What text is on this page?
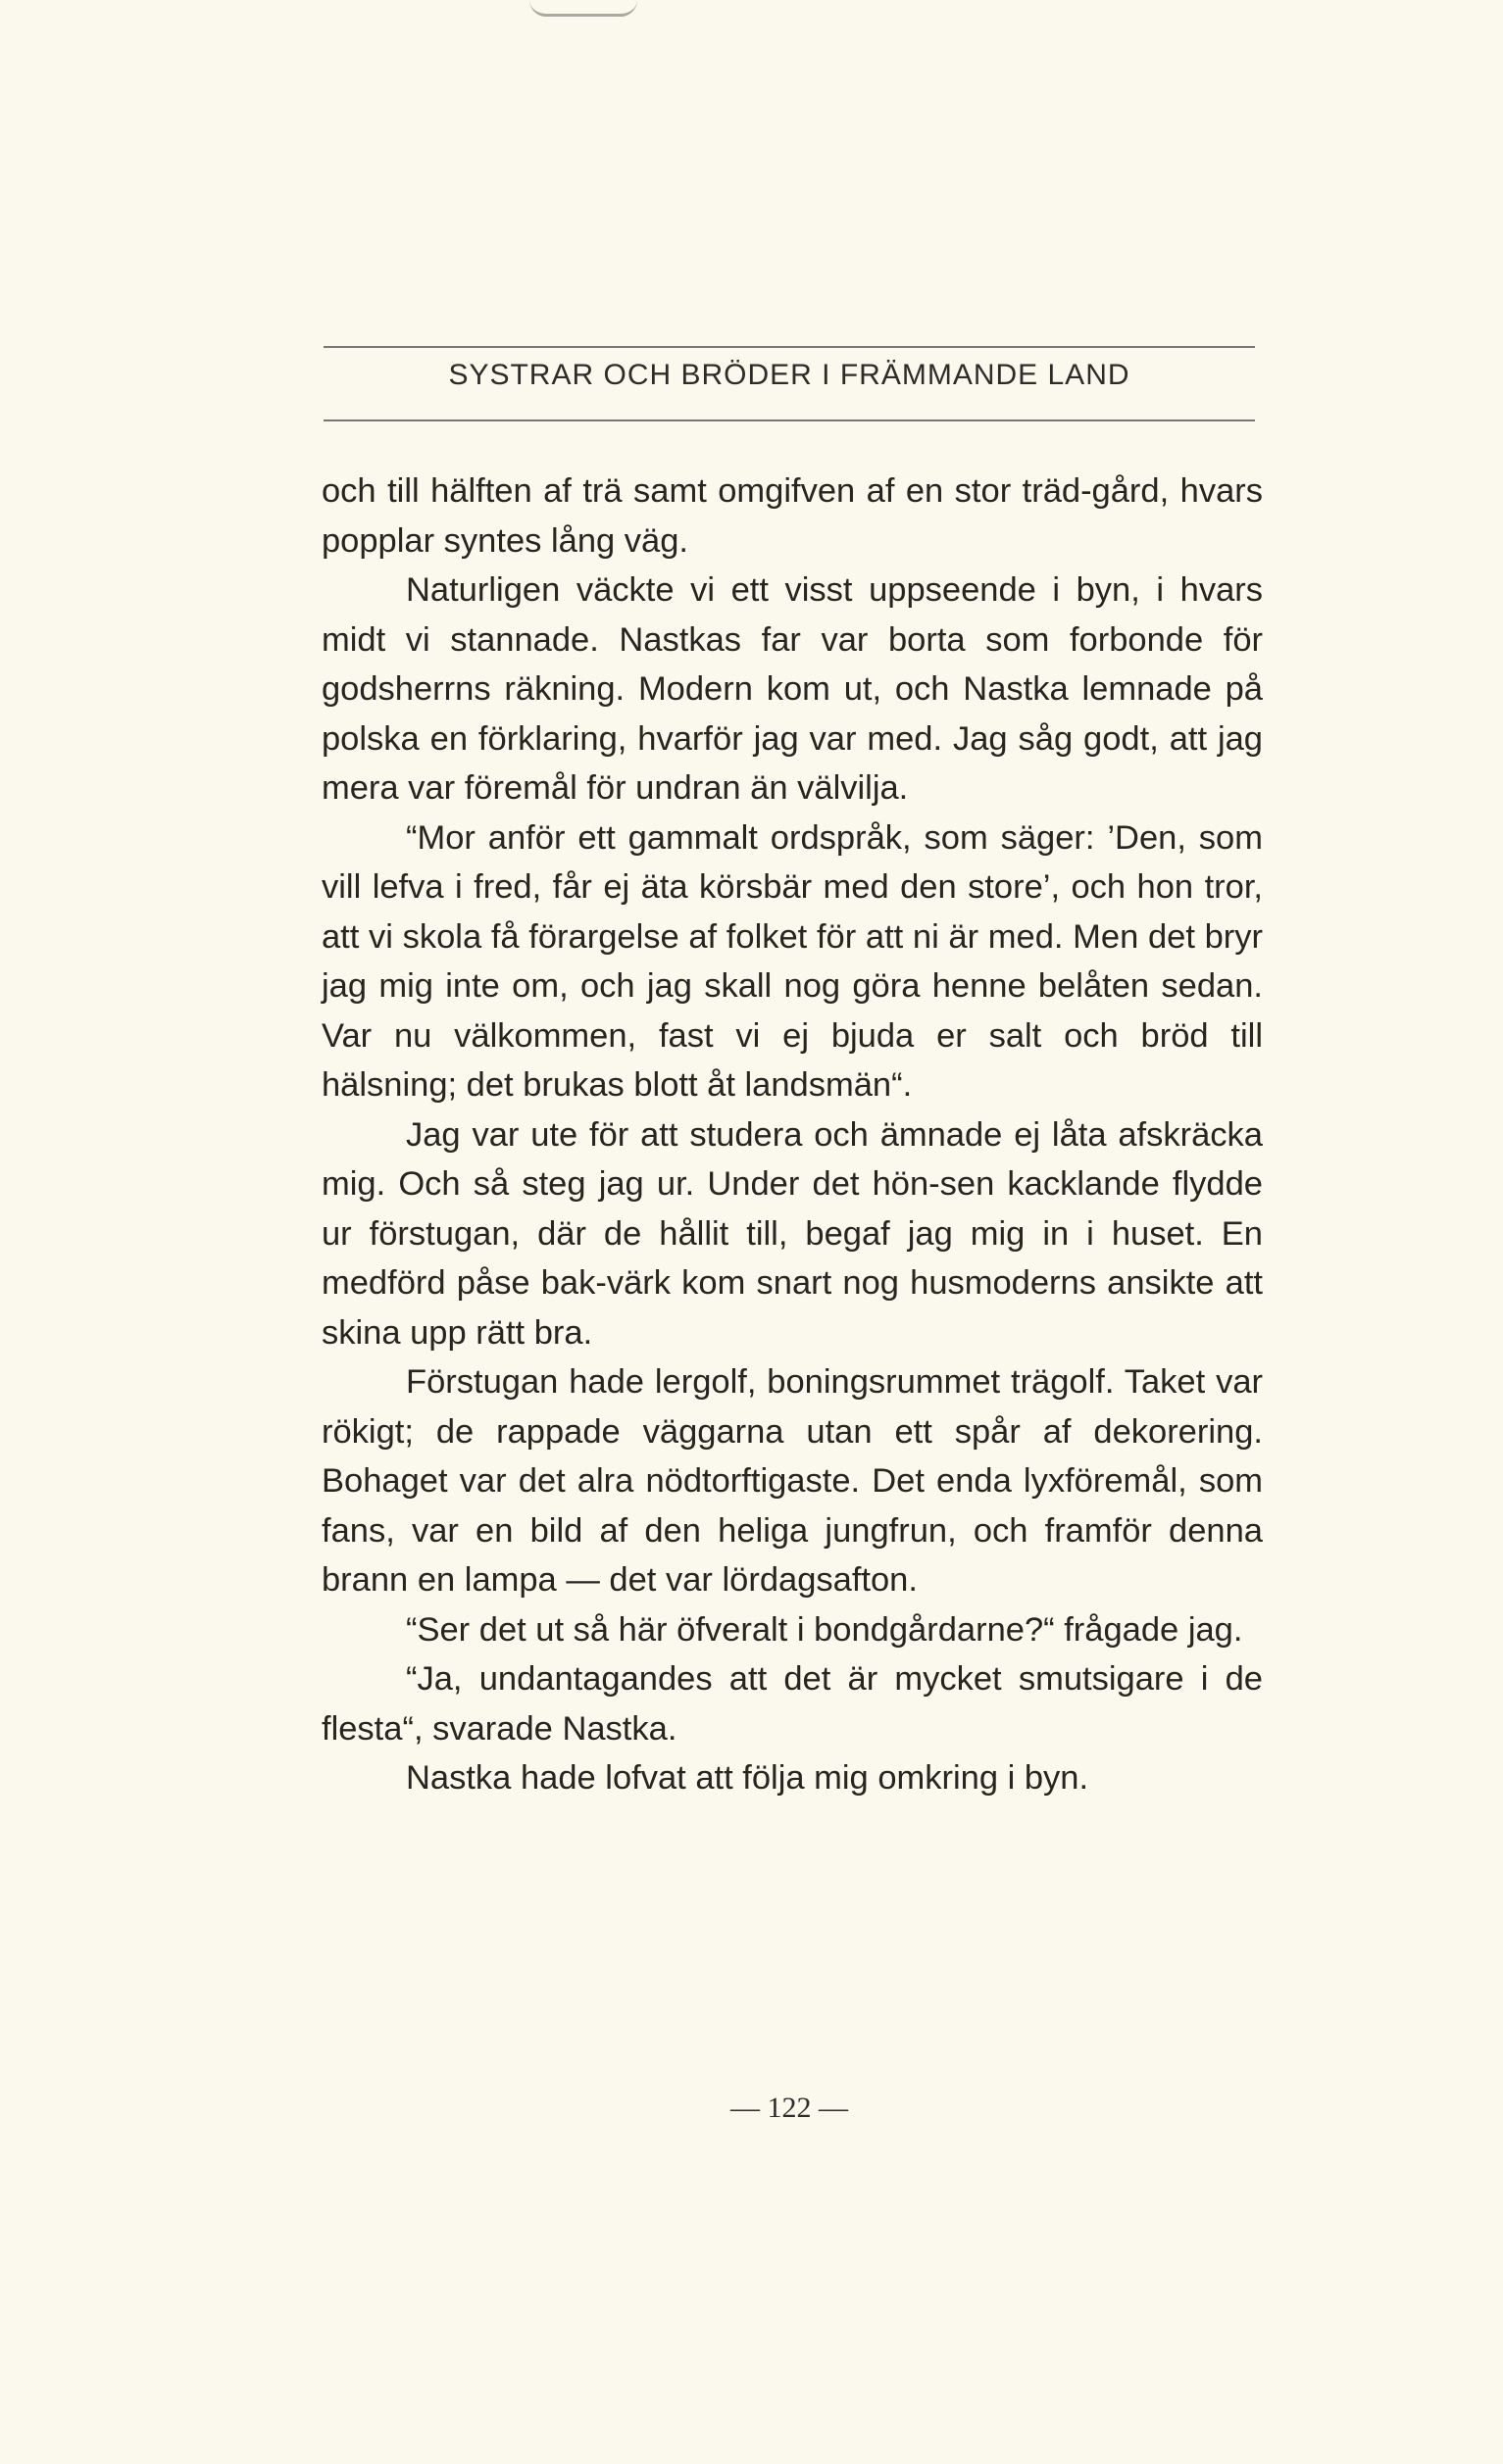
SYSTRAR OCH BRÖDER I FRÄMMANDE LAND

och till hälften af trä samt omgifven af en stor träd-gård, hvars popplar syntes lång väg.

Naturligen väckte vi ett visst uppseende i byn, i hvars midt vi stannade. Nastkas far var borta som forbonde för godsherrns räkning. Modern kom ut, och Nastka lemnade på polska en förklaring, hvarför jag var med. Jag såg godt, att jag mera var föremål för undran än välvilja.

“Mor anför ett gammalt ordspråk, som säger: ’Den, som vill lefva i fred, får ej äta körsbär med den store’, och hon tror, att vi skola få förargelse af folket för att ni är med. Men det bryr jag mig inte om, och jag skall nog göra henne belåten sedan. Var nu välkommen, fast vi ej bjuda er salt och bröd till hälsning; det brukas blott åt landsmän“.

Jag var ute för att studera och ämnade ej låta afskräcka mig. Och så steg jag ur. Under det hön-sen kacklande flydde ur förstugan, där de hållit till, begaf jag mig in i huset. En medförd påse bak-värk kom snart nog husmoderns ansikte att skina upp rätt bra.

Förstugan hade lergolf, boningsrummet trägolf. Taket var rökigt; de rappade väggarna utan ett spår af dekorering. Bohaget var det alra nödtorftigaste. Det enda lyxföremål, som fans, var en bild af den heliga jungfrun, och framför denna brann en lampa — det var lördagsafton.

“Ser det ut så här öfveralt i bondgårdarne?“ frågade jag.

“Ja, undantagandes att det är mycket smutsigare i de flesta“, svarade Nastka.

Nastka hade lofvat att följa mig omkring i byn.

— 122 —
